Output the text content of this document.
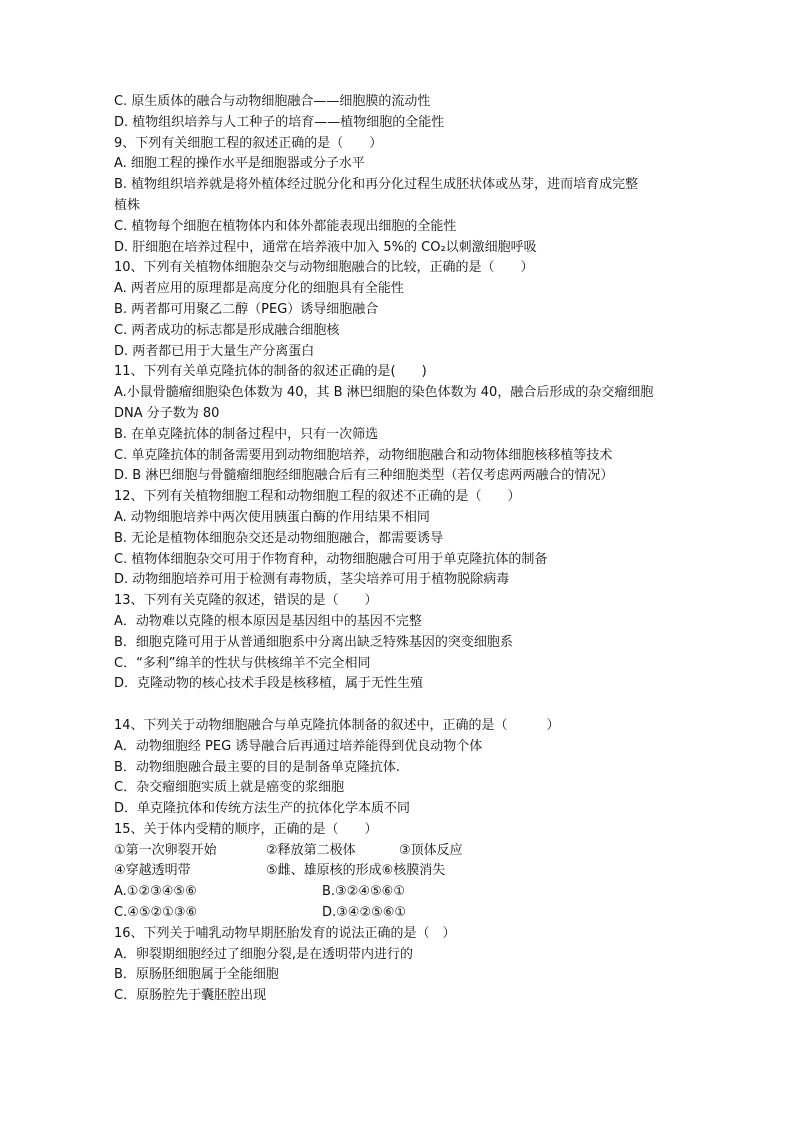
C. 原生质体的融合与动物细胞融合——细胞膜的流动性
D. 植物组织培养与人工种子的培育——植物细胞的全能性
9、下列有关细胞工程的叙述正确的是（　　）
A. 细胞工程的操作水平是细胞器或分子水平
B. 植物组织培养就是将外植体经过脱分化和再分化过程生成胚状体或丛芽，进而培育成完整
植株
C. 植物每个细胞在植物体内和体外都能表现出细胞的全能性
D. 肝细胞在培养过程中，通常在培养液中加入 5%的 CO₂以刺激细胞呼吸
10、下列有关植物体细胞杂交与动物细胞融合的比较，正确的是（　　）
A. 两者应用的原理都是高度分化的细胞具有全能性
B. 两者都可用聚乙二醇（PEG）诱导细胞融合
C. 两者成功的标志都是形成融合细胞核
D. 两者都已用于大量生产分离蛋白
11、下列有关单克隆抗体的制备的叙述正确的是(　　)
A.小鼠骨髓瘤细胞染色体数为 40，其 B 淋巴细胞的染色体数为 40，融合后形成的杂交瘤细胞
DNA 分子数为 80
B. 在单克隆抗体的制备过程中，只有一次筛选
C. 单克隆抗体的制备需要用到动物细胞培养，动物细胞融合和动物体细胞核移植等技术
D. B 淋巴细胞与骨髓瘤细胞经细胞融合后有三种细胞类型（若仅考虑两两融合的情况）
12、下列有关植物细胞工程和动物细胞工程的叙述不正确的是（　　）
A. 动物细胞培养中两次使用胰蛋白酶的作用结果不相同
B. 无论是植物体细胞杂交还是动物细胞融合，都需要诱导
C. 植物体细胞杂交可用于作物育种，动物细胞融合可用于单克隆抗体的制备
D. 动物细胞培养可用于检测有毒物质，茎尖培养可用于植物脱除病毒
13、下列有关克隆的叙述，错误的是（　　）
A．动物难以克隆的根本原因是基因组中的基因不完整
B．细胞克隆可用于从普通细胞系中分离出缺乏特殊基因的突变细胞系
C．“多利”绵羊的性状与供核绵羊不完全相同
D．克隆动物的核心技术手段是核移植，属于无性生殖
14、下列关于动物细胞融合与单克隆抗体制备的叙述中，正确的是（　　　）
A．动物细胞经 PEG 诱导融合后再通过培养能得到优良动物个体
B．动物细胞融合最主要的目的是制备单克隆抗体.
C．杂交瘤细胞实质上就是癌变的浆细胞
D．单克隆抗体和传统方法生产的抗体化学本质不同
15、关于体内受精的顺序，正确的是（　　）
①第一次卵裂开始	②释放第二极体	③顶体反应
④穿越透明带	⑤雌、雄原核的形成⑥核膜消失
A.①②③④⑤⑥	B.③②④⑤⑥①
C.④⑤②①③⑥	D.③④②⑤⑥①
16、下列关于哺乳动物早期胚胎发育的说法正确的是（　）
A．卵裂期细胞经过了细胞分裂,是在透明带内进行的
B．原肠胚细胞属于全能细胞
C．原肠腔先于囊胚腔出现
